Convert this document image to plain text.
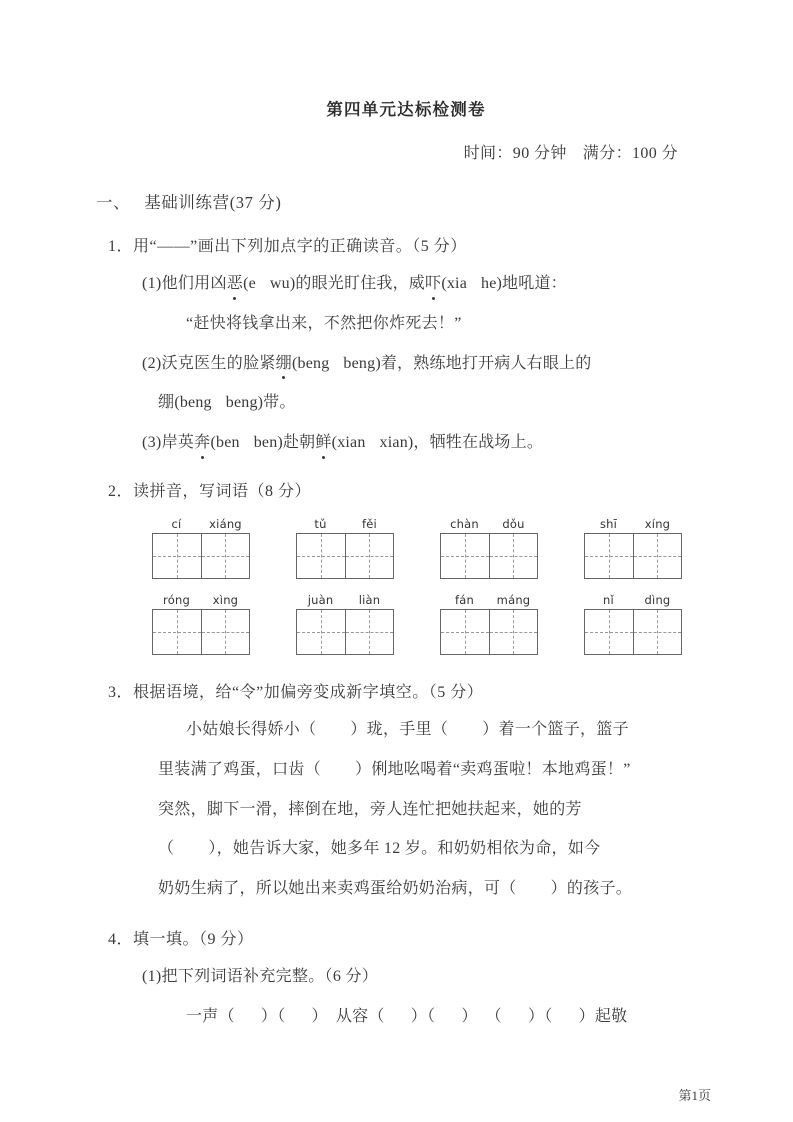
第四单元达标检测卷
时间：90 分钟 满分：100 分
一、 基础训练营(37 分)
1．用“——”画出下列加点字的正确读音。（5 分）
(1)他们用凶恶(e wu)的眼光盯住我，威吓(xia he)地吼道：
“赶快将钱拿出来，不然把你炸死去！”
(2)沃克医生的脸紧绷(beng beng)着，熟练地打开病人右眼上的
绷(beng beng)带。
(3)岸英奔(ben ben)赴朝鲜(xian xian)，牺牲在战场上。
2．读拼音，写词语（8 分）
cí	xiáng	tǔ	fěi	chàn	dǒu	shī	xíng
róng	xìng	juàn	liàn	fán	máng	nǐ	dìng
3．根据语境，给“令”加偏旁变成新字填空。（5 分）
小姑娘长得娇小（ ）珑，手里（ ）着一个篮子，篮子
里装满了鸡蛋，口齿（ ）俐地吆喝着“卖鸡蛋啦！本地鸡蛋！”
突然，脚下一滑，摔倒在地，旁人连忙把她扶起来，她的芳
（ ），她告诉大家，她多年 12 岁。和奶奶相依为命，如今
奶奶生病了，所以她出来卖鸡蛋给奶奶治病，可（ ）的孩子。
4．填一填。（9 分）
(1)把下列词语补充完整。（6 分）
一声（ ）（ ） 从容（ ）（ ） （ ）（ ）起敬
第1页
